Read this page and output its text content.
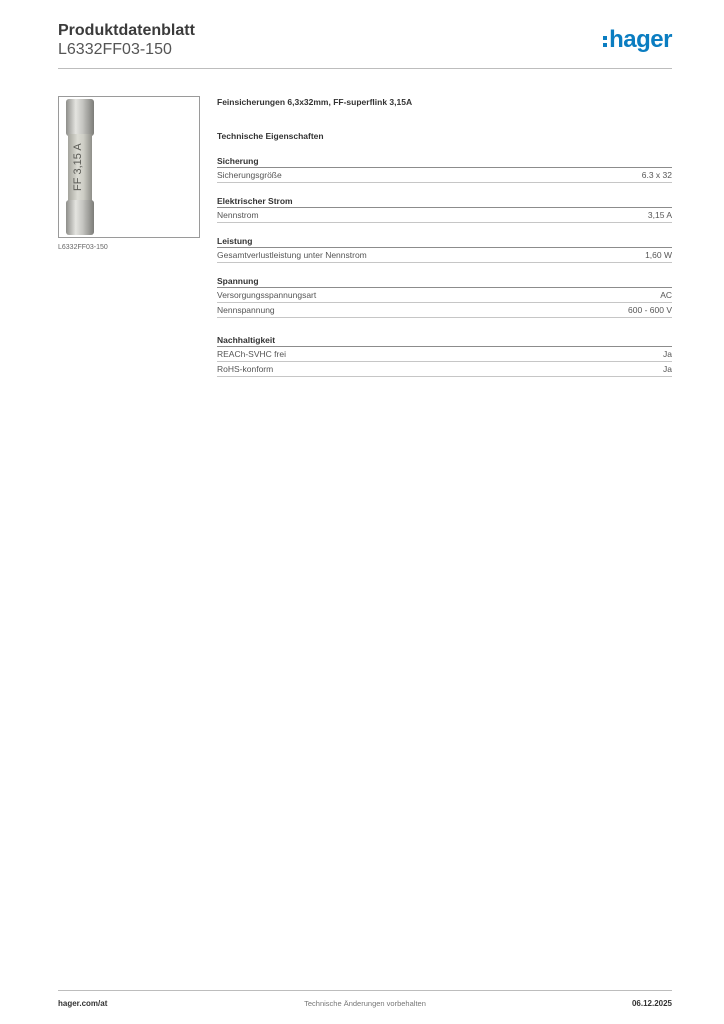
Produktdatenblatt
L6332FF03-150	hager
FF 3,15 A
L6332FF03-150
Feinsicherungen 6,3x32mm, FF-superflink 3,15A
Technische Eigenschaften
Sicherung
Sicherungsgröße	6.3 x 32
Elektrischer Strom
Nennstrom	3,15 A
Leistung
Gesamtverlustleistung unter Nennstrom	1,60 W
Spannung
Versorgungsspannungsart	AC
Nennspannung	600 - 600 V
Nachhaltigkeit
REACh-SVHC frei	Ja
RoHS-konform	Ja
hager.com/at	Technische Änderungen vorbehalten	06.12.2025
